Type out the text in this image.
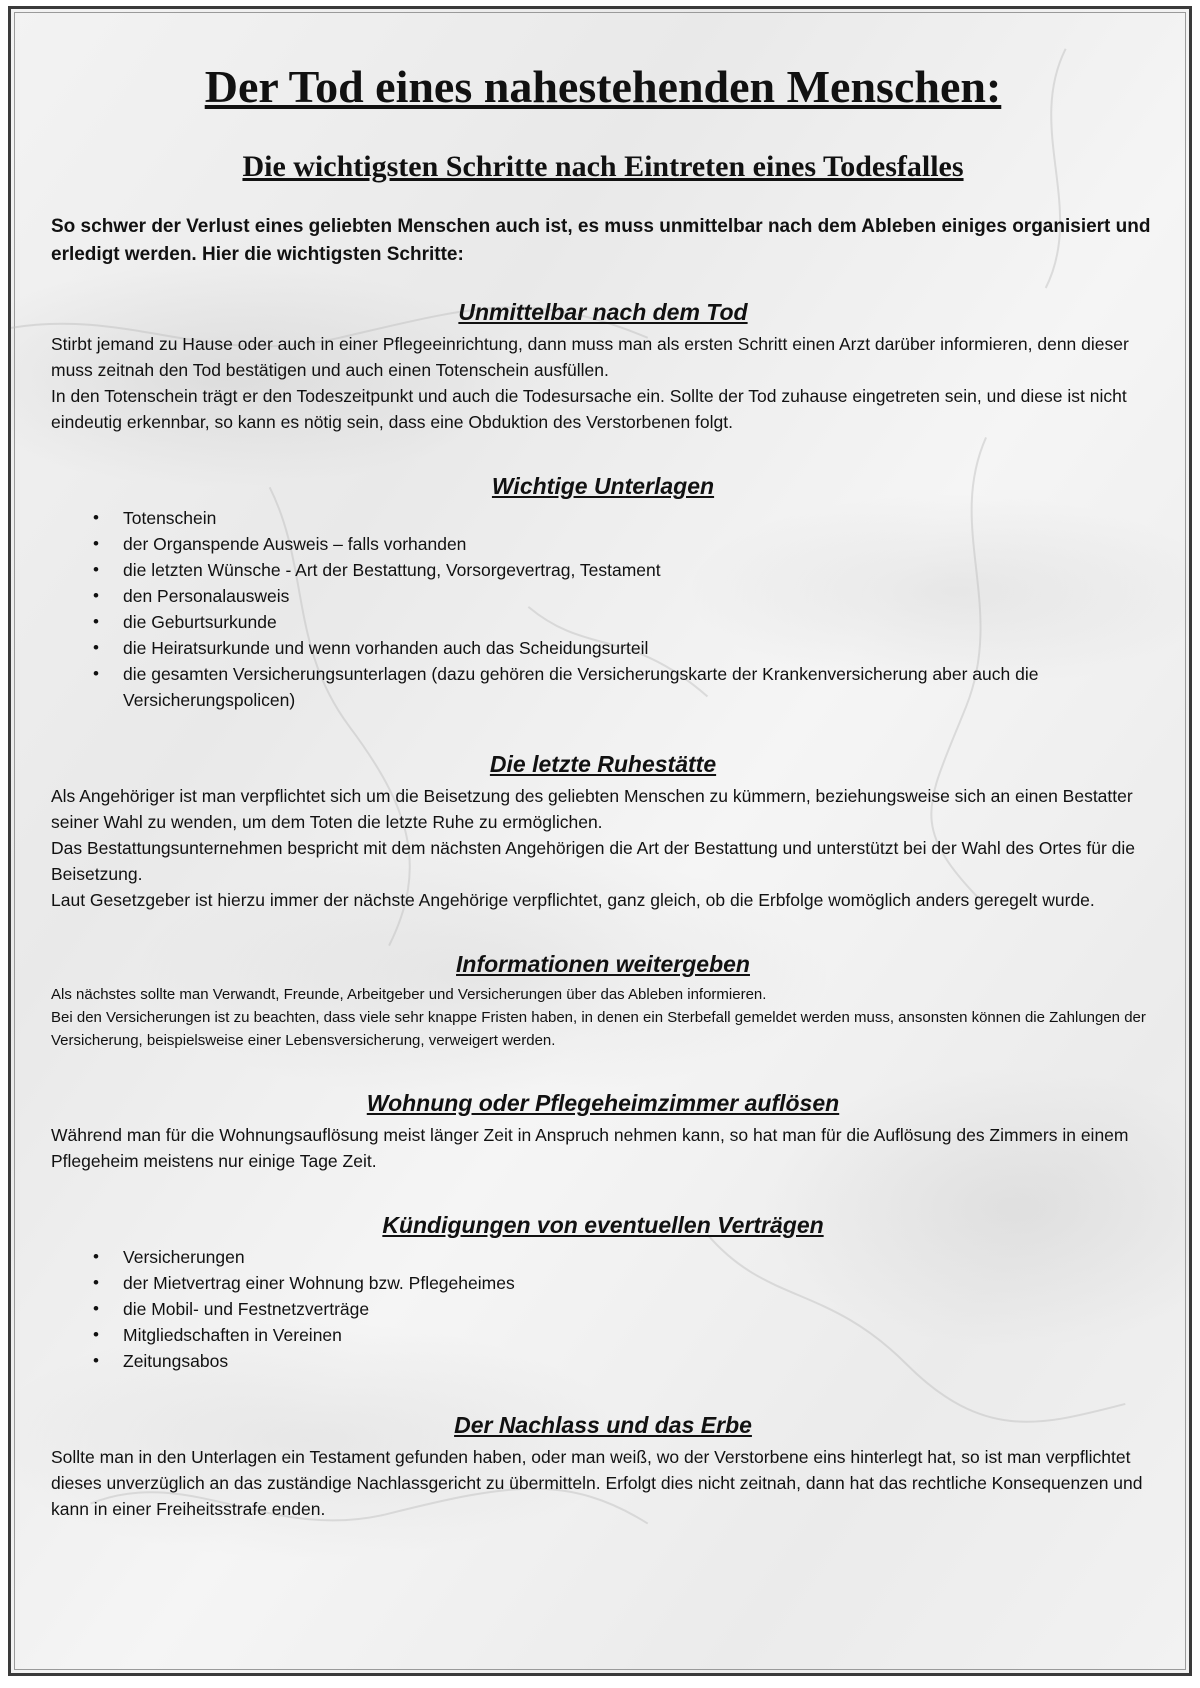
Der Tod eines nahestehenden Menschen:
Die wichtigsten Schritte nach Eintreten eines Todesfalles

So schwer der Verlust eines geliebten Menschen auch ist, es muss unmittelbar nach dem Ableben einiges organisiert und erledigt werden. Hier die wichtigsten Schritte:

Unmittelbar nach dem Tod

Stirbt jemand zu Hause oder auch in einer Pflegeeinrichtung, dann muss man als ersten Schritt einen Arzt darüber informieren, denn dieser muss zeitnah den Tod bestätigen und auch einen Totenschein ausfüllen.

In den Totenschein trägt er den Todeszeitpunkt und auch die Todesursache ein. Sollte der Tod zuhause eingetreten sein, und diese ist nicht eindeutig erkennbar, so kann es nötig sein, dass eine Obduktion des Verstorbenen folgt.

Wichtige Unterlagen
• Totenschein
• der Organspende Ausweis – falls vorhanden
• die letzten Wünsche - Art der Bestattung, Vorsorgevertrag, Testament
• den Personalausweis
• die Geburtsurkunde
• die Heiratsurkunde und wenn vorhanden auch das Scheidungsurteil
• die gesamten Versicherungsunterlagen (dazu gehören die Versicherungskarte der Krankenversicherung aber auch die Versicherungspolicen)
Die letzte Ruhestätte

Als Angehöriger ist man verpflichtet sich um die Beisetzung des geliebten Menschen zu kümmern, beziehungsweise sich an einen Bestatter seiner Wahl zu wenden, um dem Toten die letzte Ruhe zu ermöglichen.

Das Bestattungsunternehmen bespricht mit dem nächsten Angehörigen die Art der Bestattung und unterstützt bei der Wahl des Ortes für die Beisetzung.

Laut Gesetzgeber ist hierzu immer der nächste Angehörige verpflichtet, ganz gleich, ob die Erbfolge womöglich anders geregelt wurde.

Informationen weitergeben

Als nächstes sollte man Verwandt, Freunde, Arbeitgeber und Versicherungen über das Ableben informieren.

Bei den Versicherungen ist zu beachten, dass viele sehr knappe Fristen haben, in denen ein Sterbefall gemeldet werden muss, ansonsten können die Zahlungen der Versicherung, beispielsweise einer Lebensversicherung, verweigert werden.

Wohnung oder Pflegeheimzimmer auflösen

Während man für die Wohnungsauflösung meist länger Zeit in Anspruch nehmen kann, so hat man für die Auflösung des Zimmers in einem Pflegeheim meistens nur einige Tage Zeit.

Kündigungen von eventuellen Verträgen
• Versicherungen
• der Mietvertrag einer Wohnung bzw. Pflegeheimes
• die Mobil- und Festnetzverträge
• Mitgliedschaften in Vereinen
• Zeitungsabos
Der Nachlass und das Erbe

Sollte man in den Unterlagen ein Testament gefunden haben, oder man weiß, wo der Verstorbene eins hinterlegt hat, so ist man verpflichtet dieses unverzüglich an das zuständige Nachlassgericht zu übermitteln. Erfolgt dies nicht zeitnah, dann hat das rechtliche Konsequenzen und kann in einer Freiheitsstrafe enden.
